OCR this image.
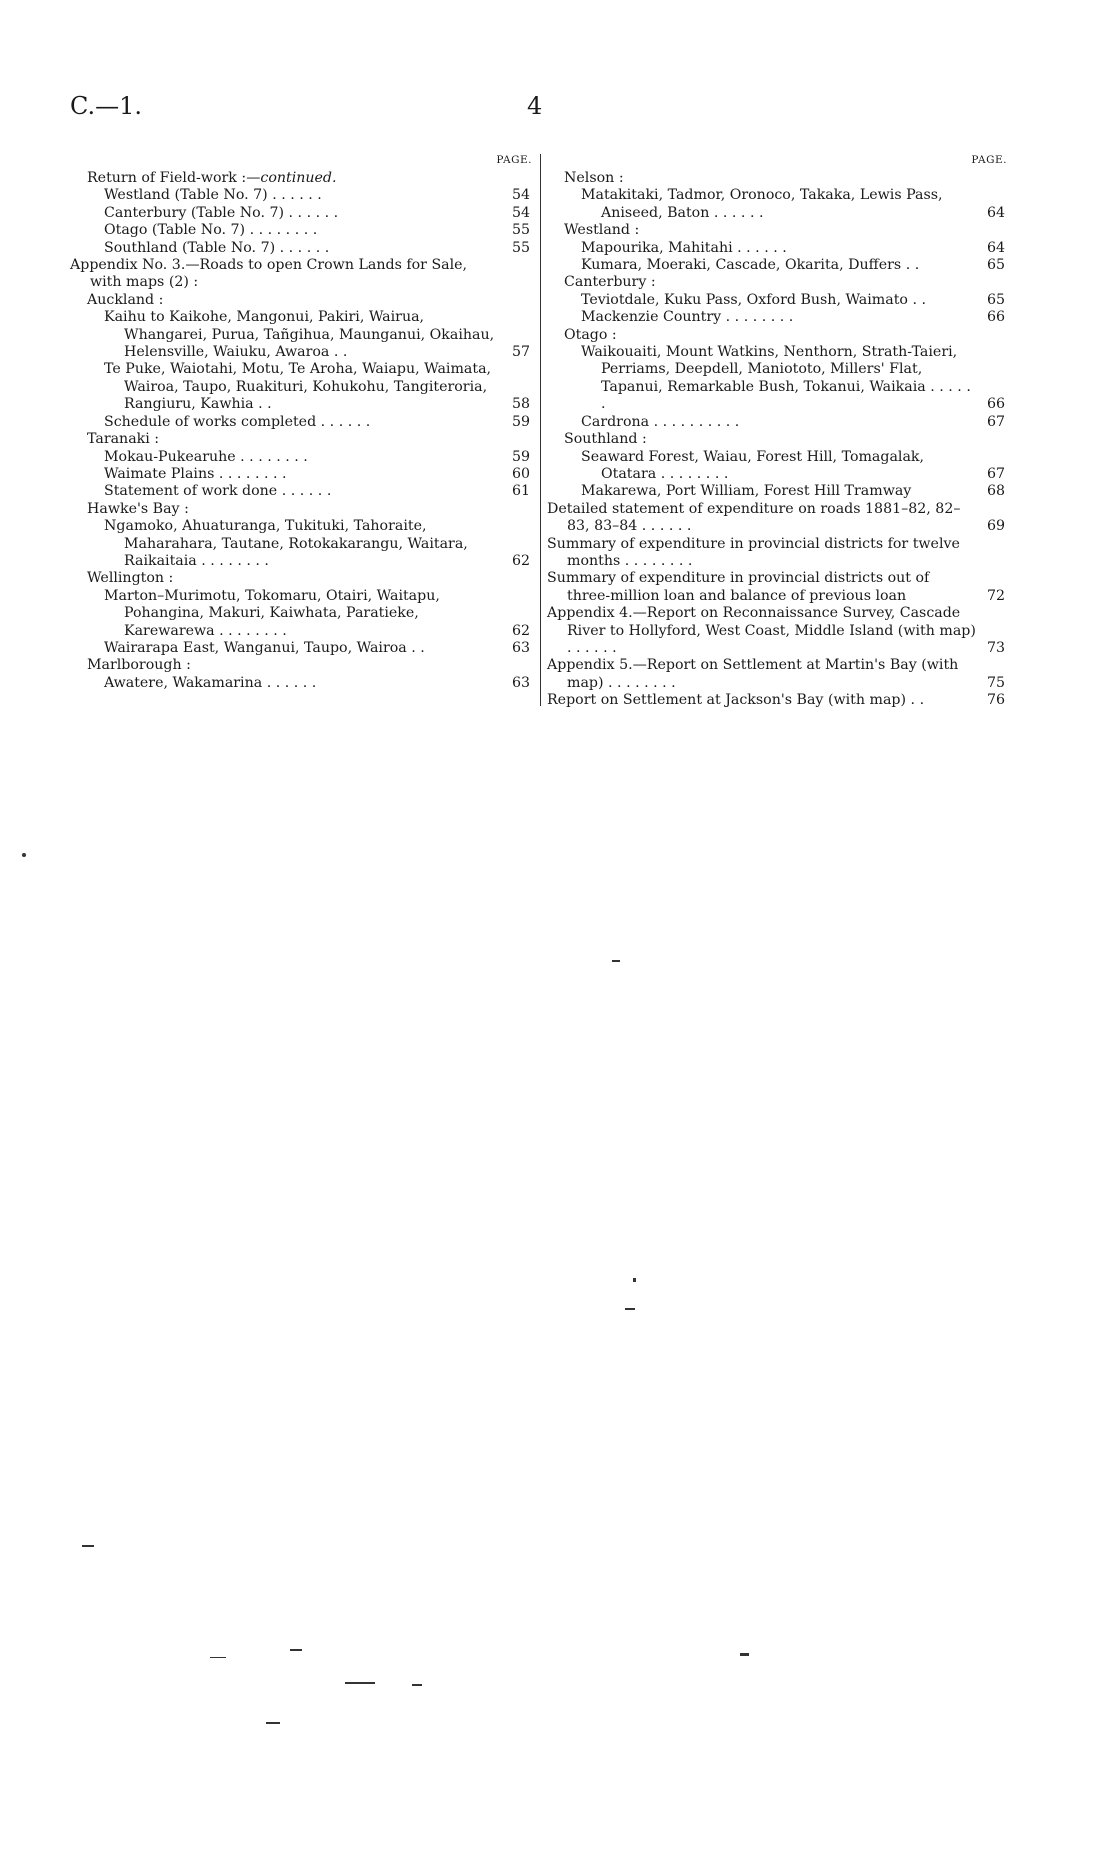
C.—1.	4
PAGE.
Return of Field-work :—continued.
Westland (Table No. 7) . . . . . .	54
Canterbury (Table No. 7) . . . . . .	54
Otago (Table No. 7) . . . . . . . .	55
Southland (Table No. 7) . . . . . .	55
Appendix No. 3.—Roads to open Crown Lands for Sale, with maps (2) :
Auckland :
Kaihu to Kaikohe, Mangonui, Pakiri, Wairua, Whangarei, Purua, Tañgihua, Maunganui, Okaihau, Helensville, Waiuku, Awaroa . .	57
Te Puke, Waiotahi, Motu, Te Aroha, Waiapu, Waimata, Wairoa, Taupo, Ruakituri, Kohukohu, Tangiteroria, Rangiuru, Kawhia . .	58
Schedule of works completed . . . . . .	59
Taranaki :
Mokau-Pukearuhe . . . . . . . .	59
Waimate Plains . . . . . . . .	60
Statement of work done . . . . . .	61
Hawke's Bay :
Ngamoko, Ahuaturanga, Tukituki, Tahoraite, Maharahara, Tautane, Rotokakarangu, Waitara, Raikaitaia . . . . . . . .	62
Wellington :
Marton–Murimotu, Tokomaru, Otairi, Waitapu, Pohangina, Makuri, Kaiwhata, Paratieke, Karewarewa . . . . . . . .	62
Wairarapa East, Wanganui, Taupo, Wairoa . .	63
Marlborough :
Awatere, Wakamarina . . . . . .	63
PAGE.
Nelson :
Matakitaki, Tadmor, Oronoco, Takaka, Lewis Pass, Aniseed, Baton . . . . . .	64
Westland :
Mapourika, Mahitahi . . . . . .	64
Kumara, Moeraki, Cascade, Okarita, Duffers . .	65
Canterbury :
Teviotdale, Kuku Pass, Oxford Bush, Waimato . .	65
Mackenzie Country . . . . . . . .	66
Otago :
Waikouaiti, Mount Watkins, Nenthorn, Strath-Taieri, Perriams, Deepdell, Maniototo, Millers' Flat, Tapanui, Remarkable Bush, Tokanui, Waikaia . . . . . .	66
Cardrona . . . . . . . . . .	67
Southland :
Seaward Forest, Waiau, Forest Hill, Tomagalak, Otatara . . . . . . . .	67
Makarewa, Port William, Forest Hill Tramway	68
Detailed statement of expenditure on roads 1881–82, 82–83, 83–84 . . . . . .	69
Summary of expenditure in provincial districts for twelve months . . . . . . . .
Summary of expenditure in provincial districts out of three-million loan and balance of previous loan	72
Appendix 4.—Report on Reconnaissance Survey, Cascade River to Hollyford, West Coast, Middle Island (with map) . . . . . .	73
Appendix 5.—Report on Settlement at Martin's Bay (with map) . . . . . . . .	75
Report on Settlement at Jackson's Bay (with map) . .	76
